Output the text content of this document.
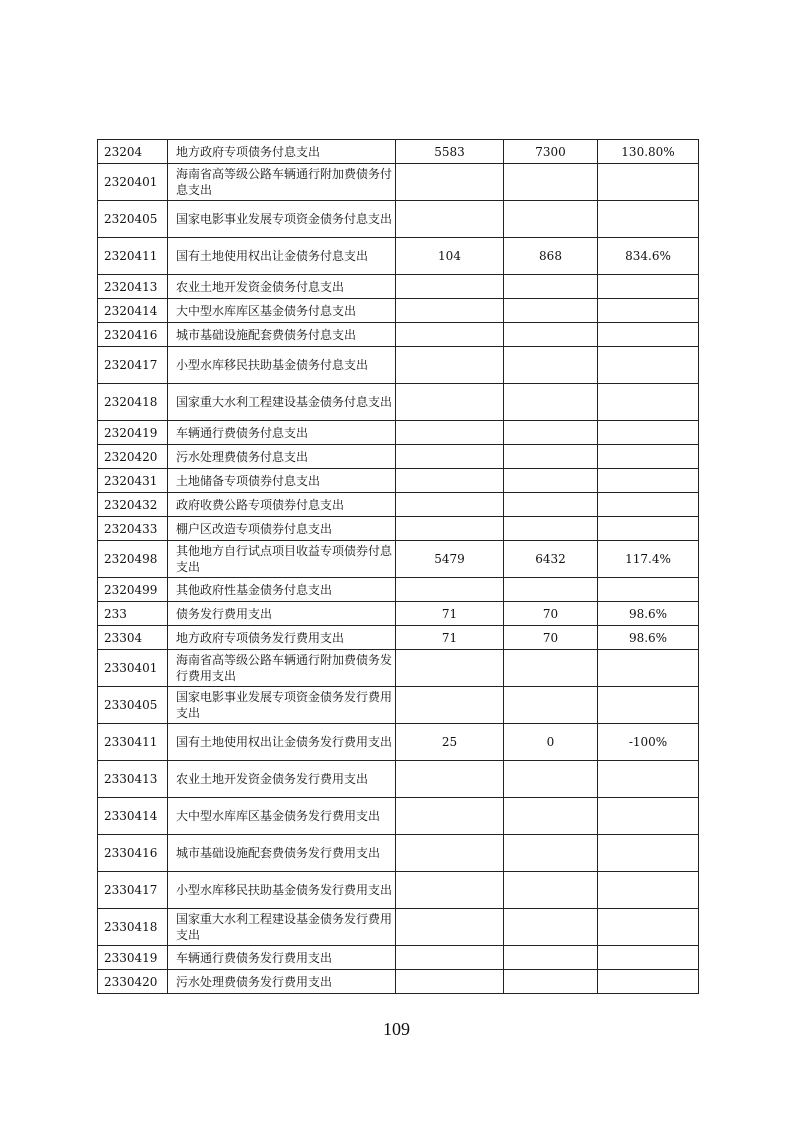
23204	地方政府专项债务付息支出	5583	7300	130.80%
2320401	海南省高等级公路车辆通行附加费债务付息支出			
2320405	国家电影事业发展专项资金债务付息支出			
2320411	国有土地使用权出让金债务付息支出	104	868	834.6%
2320413	农业土地开发资金债务付息支出			
2320414	大中型水库库区基金债务付息支出			
2320416	城市基础设施配套费债务付息支出			
2320417	小型水库移民扶助基金债务付息支出			
2320418	国家重大水利工程建设基金债务付息支出			
2320419	车辆通行费债务付息支出			
2320420	污水处理费债务付息支出			
2320431	土地储备专项债券付息支出			
2320432	政府收费公路专项债券付息支出			
2320433	棚户区改造专项债券付息支出			
2320498	其他地方自行试点项目收益专项债券付息支出	5479	6432	117.4%
2320499	其他政府性基金债务付息支出			
233	债务发行费用支出	71	70	98.6%
23304	地方政府专项债务发行费用支出	71	70	98.6%
2330401	海南省高等级公路车辆通行附加费债务发行费用支出			
2330405	国家电影事业发展专项资金债务发行费用支出			
2330411	国有土地使用权出让金债务发行费用支出	25	0	-100%
2330413	农业土地开发资金债务发行费用支出			
2330414	大中型水库库区基金债务发行费用支出			
2330416	城市基础设施配套费债务发行费用支出			
2330417	小型水库移民扶助基金债务发行费用支出			
2330418	国家重大水利工程建设基金债务发行费用支出			
2330419	车辆通行费债务发行费用支出			
2330420	污水处理费债务发行费用支出			
109
